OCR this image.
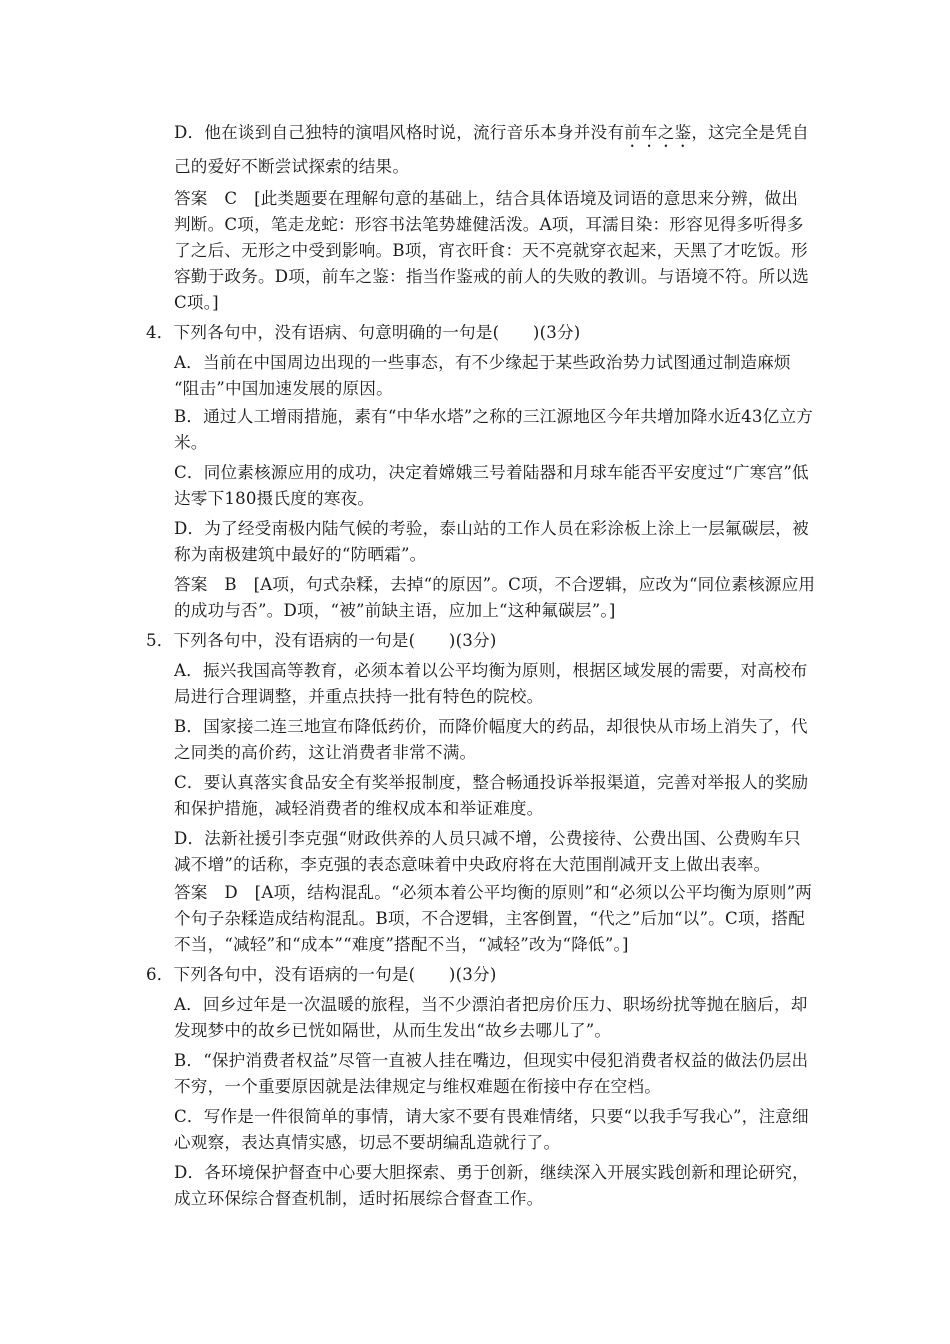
D．他在谈到自己独特的演唱风格时说，流行音乐本身并没有前车之鉴，这完全是凭自
己的爱好不断尝试探索的结果。
答案　C　[此类题要在理解句意的基础上，结合具体语境及词语的意思来分辨，做出
判断。C项，笔走龙蛇：形容书法笔势雄健活泼。A项，耳濡目染：形容见得多听得多
了之后、无形之中受到影响。B项，宵衣旰食：天不亮就穿衣起来，天黑了才吃饭。形
容勤于政务。D项，前车之鉴：指当作鉴戒的前人的失败的教训。与语境不符。所以选
C项。]
4．下列各句中，没有语病、句意明确的一句是(　　)(3分)
A．当前在中国周边出现的一些事态，有不少缘起于某些政治势力试图通过制造麻烦
“阻击”中国加速发展的原因。
B．通过人工增雨措施，素有“中华水塔”之称的三江源地区今年共增加降水近43亿立方
米。
C．同位素核源应用的成功，决定着嫦娥三号着陆器和月球车能否平安度过“广寒宫”低
达零下180摄氏度的寒夜。
D．为了经受南极内陆气候的考验，泰山站的工作人员在彩涂板上涂上一层氟碳层，被
称为南极建筑中最好的“防晒霜”。
答案　B　[A项，句式杂糅，去掉“的原因”。C项，不合逻辑，应改为“同位素核源应用
的成功与否”。D项，“被”前缺主语，应加上“这种氟碳层”。]
5．下列各句中，没有语病的一句是(　　)(3分)
A．振兴我国高等教育，必须本着以公平均衡为原则，根据区域发展的需要，对高校布
局进行合理调整，并重点扶持一批有特色的院校。
B．国家接二连三地宣布降低药价，而降价幅度大的药品，却很快从市场上消失了，代
之同类的高价药，这让消费者非常不满。
C．要认真落实食品安全有奖举报制度，整合畅通投诉举报渠道，完善对举报人的奖励
和保护措施，减轻消费者的维权成本和举证难度。
D．法新社援引李克强“财政供养的人员只减不增，公费接待、公费出国、公费购车只
减不增”的话称，李克强的表态意味着中央政府将在大范围削减开支上做出表率。
答案　D　[A项，结构混乱。“必须本着公平均衡的原则”和“必须以公平均衡为原则”两
个句子杂糅造成结构混乱。B项，不合逻辑，主客倒置，“代之”后加“以”。C项，搭配
不当，“减轻”和“成本”“难度”搭配不当，“减轻”改为“降低”。]
6．下列各句中，没有语病的一句是(　　)(3分)
A．回乡过年是一次温暖的旅程，当不少漂泊者把房价压力、职场纷扰等抛在脑后，却
发现梦中的故乡已恍如隔世，从而生发出“故乡去哪儿了”。
B．“保护消费者权益”尽管一直被人挂在嘴边，但现实中侵犯消费者权益的做法仍层出
不穷，一个重要原因就是法律规定与维权难题在衔接中存在空档。
C．写作是一件很简单的事情，请大家不要有畏难情绪，只要“以我手写我心”，注意细
心观察，表达真情实感，切忌不要胡编乱造就行了。
D．各环境保护督查中心要大胆探索、勇于创新，继续深入开展实践创新和理论研究，
成立环保综合督查机制，适时拓展综合督查工作。
